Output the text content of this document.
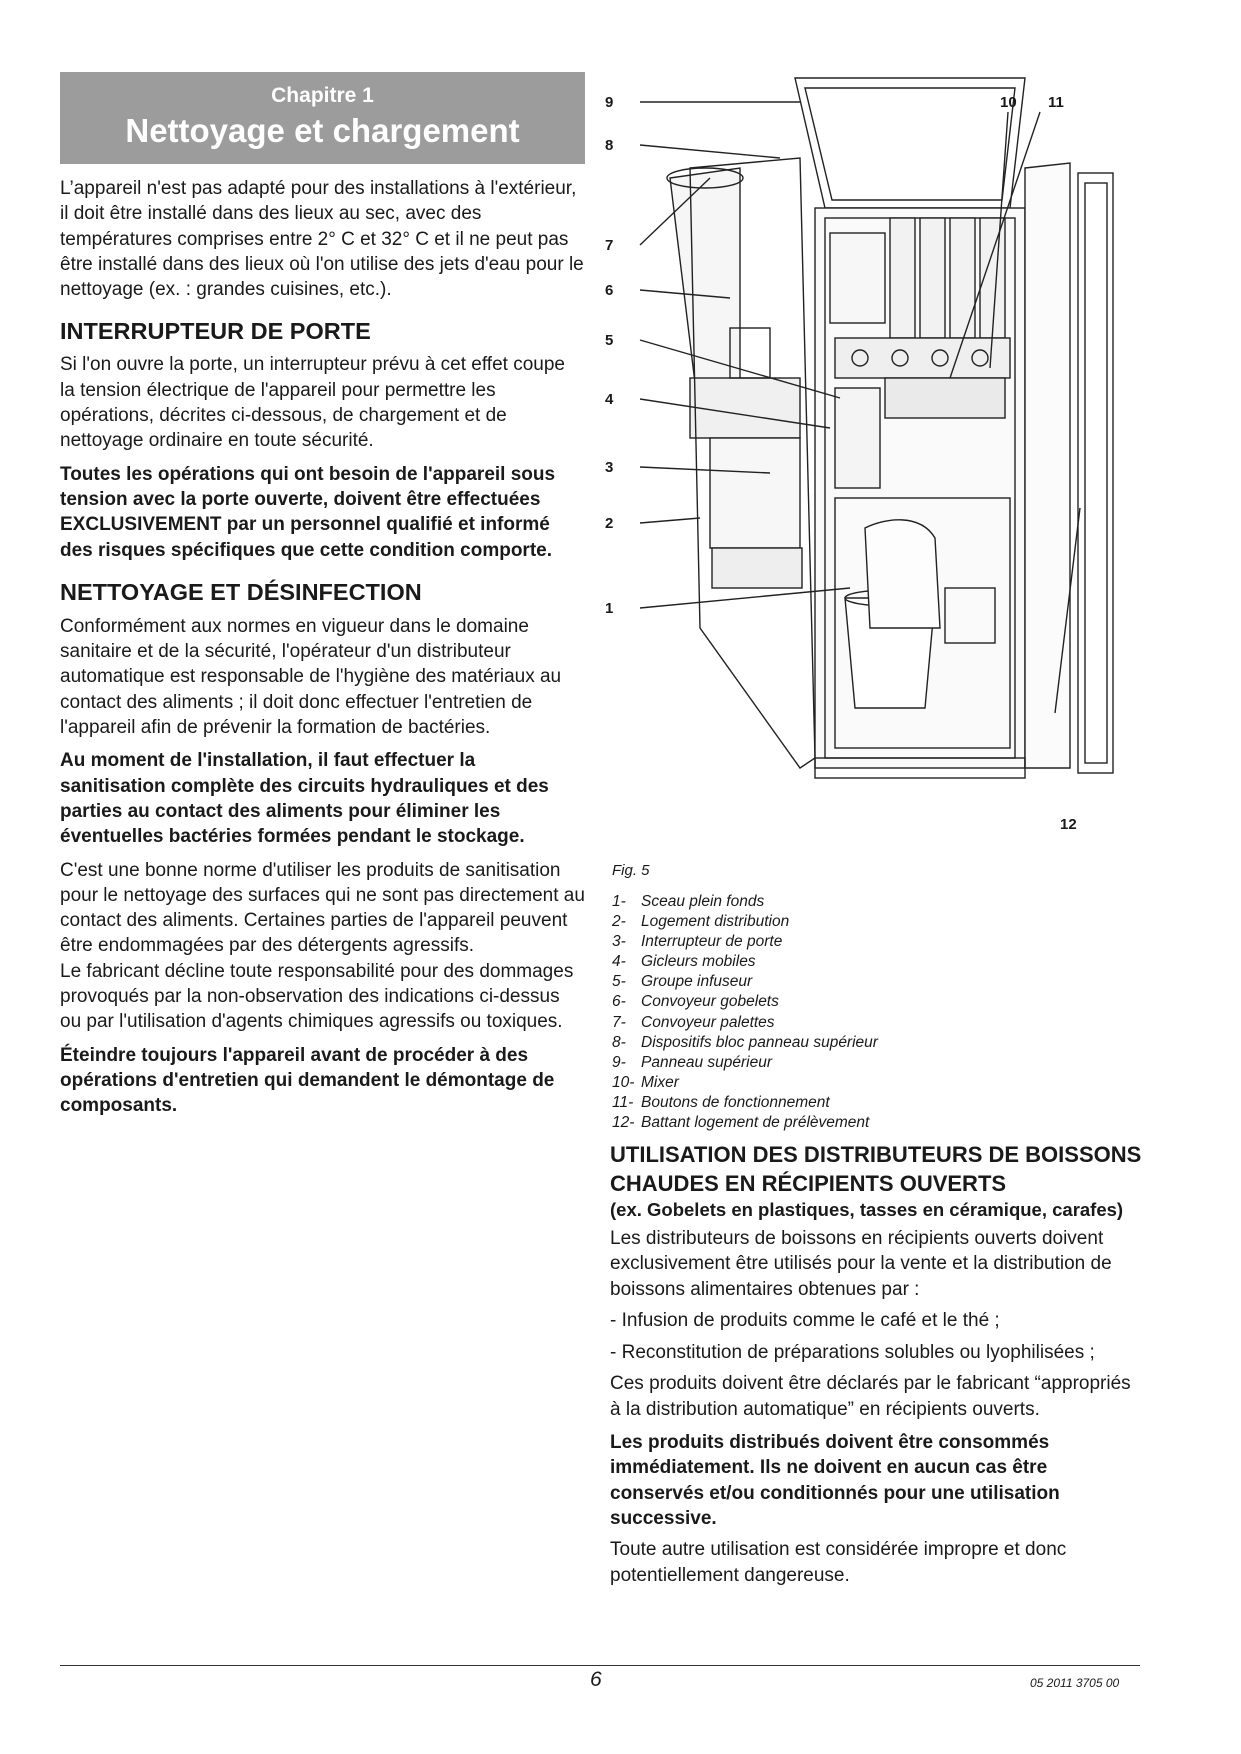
Chapitre 1
Nettoyage et chargement

L’appareil n'est pas adapté pour des installations à l'extérieur, il doit être installé dans des lieux au sec, avec des températures comprises entre 2° C et 32° C et il ne peut pas être installé dans des lieux où l'on utilise des jets d'eau pour le nettoyage (ex. : grandes cuisines, etc.).

INTERRUPTEUR DE PORTE

Si l'on ouvre la porte, un interrupteur prévu à cet effet coupe la tension électrique de l'appareil pour permettre les opérations, décrites ci-dessous, de chargement et de nettoyage ordinaire en toute sécurité.

Toutes les opérations qui ont besoin de l'appareil sous tension avec la porte ouverte, doivent être effectuées EXCLUSIVEMENT par un personnel qualifié et informé des risques spécifiques que cette condition comporte.

NETTOYAGE ET DÉSINFECTION

Conformément aux normes en vigueur dans le domaine sanitaire et de la sécurité, l'opérateur d'un distributeur automatique est responsable de l'hygiène des matériaux au contact des aliments ; il doit donc effectuer l'entretien de l'appareil afin de prévenir la formation de bactéries.

Au moment de l'installation, il faut effectuer la sanitisation complète des circuits hydrauliques et des parties au contact des aliments pour éliminer les éventuelles bactéries formées pendant le stockage.

C'est une bonne norme d'utiliser les produits de sanitisation pour le nettoyage des surfaces qui ne sont pas directement au contact des aliments. Certaines parties de l'appareil peuvent être endommagées par des détergents agressifs.

Le fabricant décline toute responsabilité pour des dommages provoqués par la non-observation des indications ci-dessus ou par l'utilisation d'agents chimiques agressifs ou toxiques.

Éteindre toujours l'appareil avant de procéder à des opérations d'entretien qui demandent le démontage de composants.

9
8
7
6
5
4
3
2
1
10 11
12
Fig. 5
1- Sceau plein fonds
2- Logement distribution
3- Interrupteur de porte
4- Gicleurs mobiles
5- Groupe infuseur
6- Convoyeur gobelets
7- Convoyeur palettes
8- Dispositifs bloc panneau supérieur
9- Panneau supérieur
10- Mixer
11- Boutons de fonctionnement
12- Battant logement de prélèvement
UTILISATION DES DISTRIBUTEURS DE BOISSONS CHAUDES EN RÉCIPIENTS OUVERTS

(ex. Gobelets en plastiques, tasses en céramique, carafes)

Les distributeurs de boissons en récipients ouverts doivent exclusivement être utilisés pour la vente et la distribution de boissons alimentaires obtenues par :

- Infusion de produits comme le café et le thé ;

- Reconstitution de préparations solubles ou lyophilisées ;

Ces produits doivent être déclarés par le fabricant “appropriés à la distribution automatique” en récipients ouverts.

Les produits distribués doivent être consommés immédiatement. Ils ne doivent en aucun cas être conservés et/ou conditionnés pour une utilisation successive.

Toute autre utilisation est considérée impropre et donc potentiellement dangereuse.

6	05 2011 3705 00
